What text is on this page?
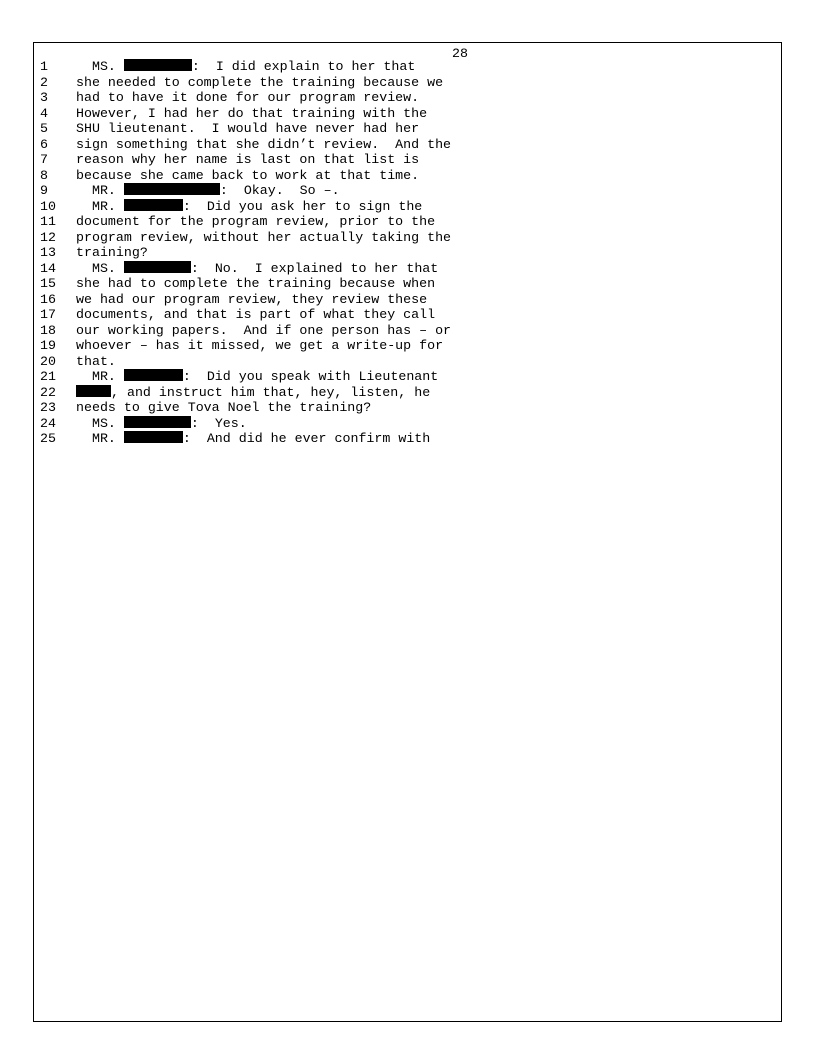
28
1	MS.	:  I did explain to her that
2	she needed to complete the training because we
3	had to have it done for our program review.
4	However, I had her do that training with the
5	SHU lieutenant.  I would have never had her
6	sign something that she didn’t review.  And the
7	reason why her name is last on that list is
8	because she came back to work at that time.
9	MR.	:  Okay.  So –.
10	MR.	:  Did you ask her to sign the
11	document for the program review, prior to the
12	program review, without her actually taking the
13	training?
14	MS.	:  No.  I explained to her that
15	she had to complete the training because when
16	we had our program review, they review these
17	documents, and that is part of what they call
18	our working papers.  And if one person has – or
19	whoever – has it missed, we get a write-up for
20	that.
21	MR.	:  Did you speak with Lieutenant
22	, and instruct him that, hey, listen, he
23	needs to give Tova Noel the training?
24	MS.	:  Yes.
25	MR.	:  And did he ever confirm with
